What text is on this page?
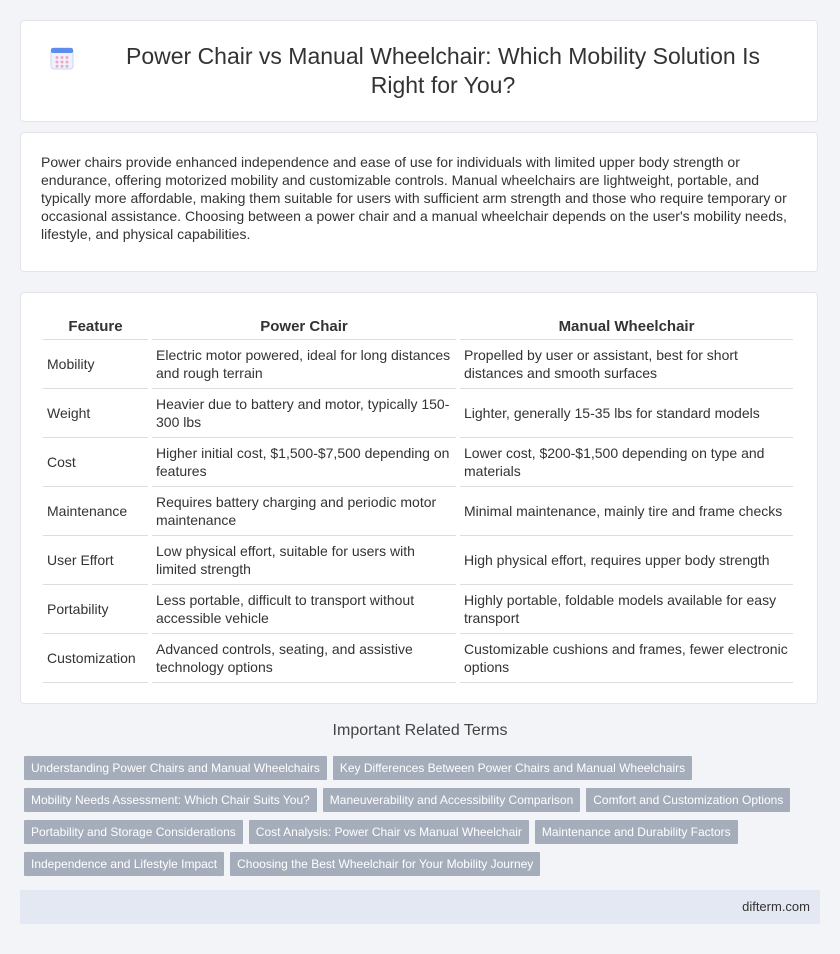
Power Chair vs Manual Wheelchair: Which Mobility Solution Is Right for You?

Power chairs provide enhanced independence and ease of use for individuals with limited upper body strength or endurance, offering motorized mobility and customizable controls. Manual wheelchairs are lightweight, portable, and typically more affordable, making them suitable for users with sufficient arm strength and those who require temporary or occasional assistance. Choosing between a power chair and a manual wheelchair depends on the user's mobility needs, lifestyle, and physical capabilities.

Feature	Power Chair	Manual Wheelchair
Mobility	Electric motor powered, ideal for long distances and rough terrain	Propelled by user or assistant, best for short distances and smooth surfaces
Weight	Heavier due to battery and motor, typically 150-300 lbs	Lighter, generally 15-35 lbs for standard models
Cost	Higher initial cost, $1,500-$7,500 depending on features	Lower cost, $200-$1,500 depending on type and materials
Maintenance	Requires battery charging and periodic motor maintenance	Minimal maintenance, mainly tire and frame checks
User Effort	Low physical effort, suitable for users with limited strength	High physical effort, requires upper body strength
Portability	Less portable, difficult to transport without accessible vehicle	Highly portable, foldable models available for easy transport
Customization	Advanced controls, seating, and assistive technology options	Customizable cushions and frames, fewer electronic options
Important Related Terms
Understanding Power Chairs and Manual Wheelchairs	Key Differences Between Power Chairs and Manual Wheelchairs
Mobility Needs Assessment: Which Chair Suits You?	Maneuverability and Accessibility Comparison	Comfort and Customization Options
Portability and Storage Considerations	Cost Analysis: Power Chair vs Manual Wheelchair	Maintenance and Durability Factors
Independence and Lifestyle Impact	Choosing the Best Wheelchair for Your Mobility Journey
difterm.com
